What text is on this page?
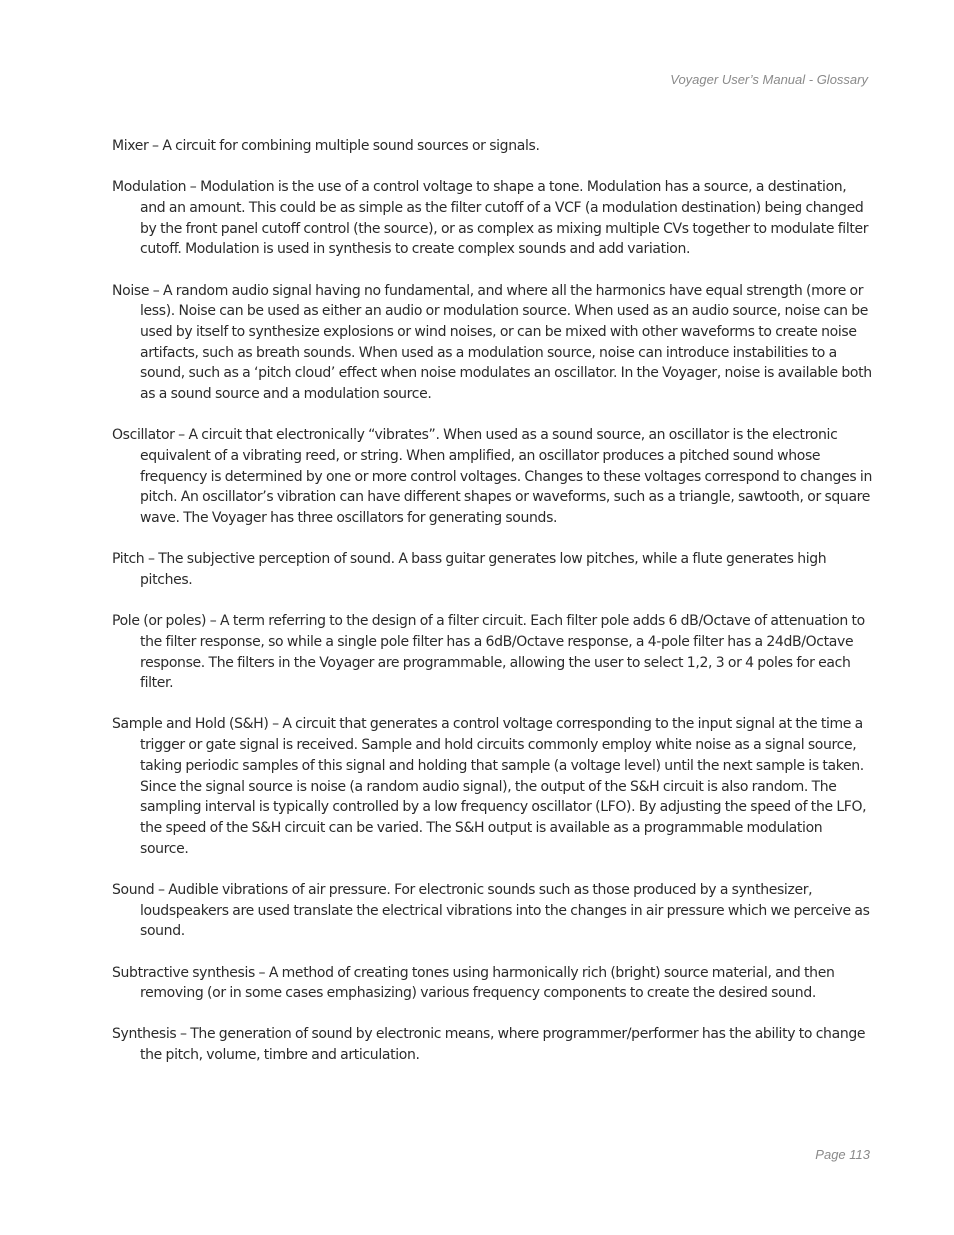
Voyager User’s Manual - Glossary

Mixer – A circuit for combining multiple sound sources or signals.

Modulation – Modulation is the use of a control voltage to shape a tone. Modulation has a source, a destination, and an amount. This could be as simple as the filter cutoff of a VCF (a modulation destination) being changed by the front panel cutoff control (the source), or as complex as mixing multiple CVs together to modulate filter cutoff. Modulation is used in synthesis to create complex sounds and add variation.

Noise – A random audio signal having no fundamental, and where all the harmonics have equal strength (more or less). Noise can be used as either an audio or modulation source. When used as an audio source, noise can be used by itself to synthesize explosions or wind noises, or can be mixed with other waveforms to create noise artifacts, such as breath sounds. When used as a modulation source, noise can introduce instabilities to a sound, such as a ‘pitch cloud’ effect when noise modulates an oscillator. In the Voyager, noise is available both as a sound source and a modulation source.

Oscillator – A circuit that electronically “vibrates”. When used as a sound source, an oscillator is the electronic equivalent of a vibrating reed, or string. When amplified, an oscillator produces a pitched sound whose frequency is determined by one or more control voltages. Changes to these voltages correspond to changes in pitch. An oscillator’s vibration can have different shapes or waveforms, such as a triangle, sawtooth, or square wave. The Voyager has three oscillators for generating sounds.

Pitch – The subjective perception of sound. A bass guitar generates low pitches, while a flute generates high pitches.

Pole (or poles) – A term referring to the design of a filter circuit. Each filter pole adds 6 dB/Octave of attenuation to the filter response, so while a single pole filter has a 6dB/Octave response, a 4-pole filter has a 24dB/Octave response. The filters in the Voyager are programmable, allowing the user to select 1,2, 3 or 4 poles for each filter.

Sample and Hold (S&H) – A circuit that generates a control voltage corresponding to the input signal at the time a trigger or gate signal is received. Sample and hold circuits commonly employ white noise as a signal source, taking periodic samples of this signal and holding that sample (a voltage level) until the next sample is taken. Since the signal source is noise (a random audio signal), the output of the S&H circuit is also random. The sampling interval is typically controlled by a low frequency oscillator (LFO). By adjusting the speed of the LFO, the speed of the S&H circuit can be varied. The S&H output is available as a programmable modulation source.

Sound – Audible vibrations of air pressure. For electronic sounds such as those produced by a synthesizer, loudspeakers are used translate the electrical vibrations into the changes in air pressure which we perceive as sound.

Subtractive synthesis – A method of creating tones using harmonically rich (bright) source material, and then removing (or in some cases emphasizing) various frequency components to create the desired sound.

Synthesis – The generation of sound by electronic means, where programmer/performer has the ability to change the pitch, volume, timbre and articulation.

Page 113
